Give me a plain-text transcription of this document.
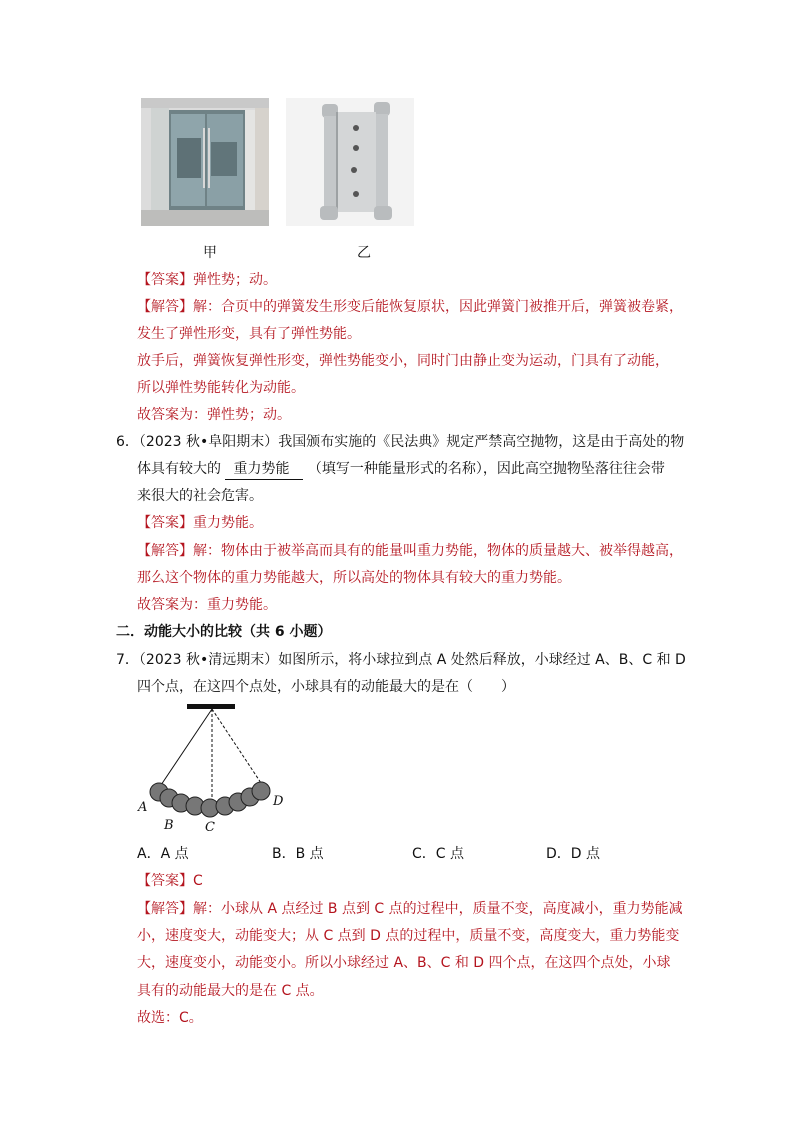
甲	乙
【答案】弹性势；动。
【解答】解：合页中的弹簧发生形变后能恢复原状，因此弹簧门被推开后，弹簧被卷紧，
发生了弹性形变，具有了弹性势能。
放手后，弹簧恢复弹性形变，弹性势能变小，同时门由静止变为运动，门具有了动能，
所以弹性势能转化为动能。
故答案为：弹性势；动。
6．（2023 秋•阜阳期末）我国颁布实施的《民法典》规定严禁高空抛物，这是由于高处的物
体具有较大的 重力势能 （填写一种能量形式的名称），因此高空抛物坠落往往会带
来很大的社会危害。
【答案】重力势能。
【解答】解：物体由于被举高而具有的能量叫重力势能，物体的质量越大、被举得越高，
那么这个物体的重力势能越大，所以高处的物体具有较大的重力势能。
故答案为：重力势能。
二．动能大小的比较（共 6 小题）
7．（2023 秋•清远期末）如图所示，将小球拉到点 A 处然后释放，小球经过 A、B、C 和 D
四个点，在这四个点处，小球具有的动能最大的是在（　　）
A
B C
D
A．A 点	B．B 点	C．C 点	D．D 点
【答案】C
【解答】解：小球从 A 点经过 B 点到 C 点的过程中，质量不变，高度减小，重力势能减
小，速度变大，动能变大；从 C 点到 D 点的过程中，质量不变，高度变大，重力势能变
大，速度变小，动能变小。所以小球经过 A、B、C 和 D 四个点，在这四个点处，小球
具有的动能最大的是在 C 点。
故选：C。
